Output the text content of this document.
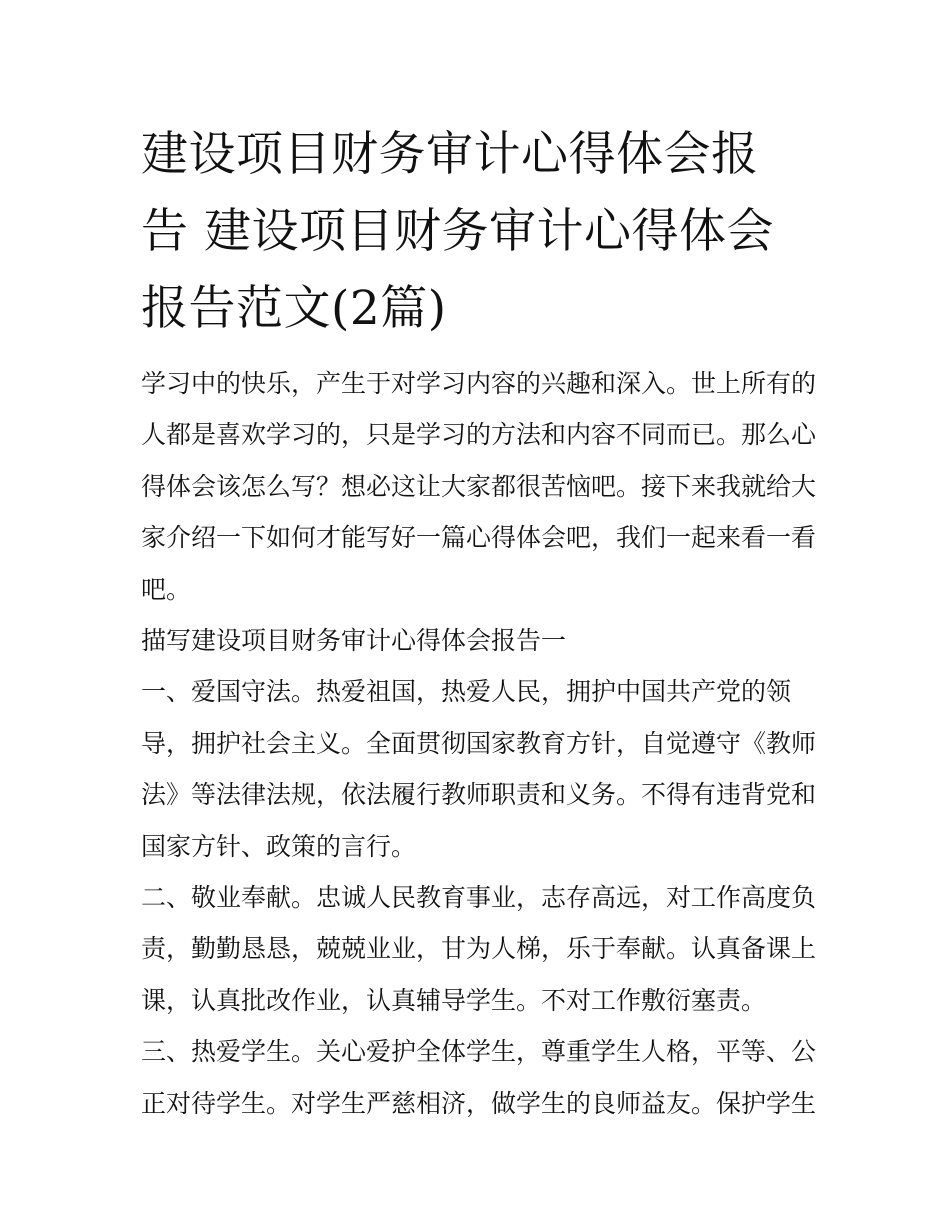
建设项目财务审计心得体会报
告 建设项目财务审计心得体会
报告范文(2篇)
学习中的快乐，产生于对学习内容的兴趣和深入。世上所有的
人都是喜欢学习的，只是学习的方法和内容不同而已。那么心
得体会该怎么写？想必这让大家都很苦恼吧。接下来我就给大
家介绍一下如何才能写好一篇心得体会吧，我们一起来看一看
吧。
描写建设项目财务审计心得体会报告一
一、爱国守法。热爱祖国，热爱人民，拥护中国共产党的领
导，拥护社会主义。全面贯彻国家教育方针，自觉遵守《教师
法》等法律法规，依法履行教师职责和义务。不得有违背党和
国家方针、政策的言行。
二、敬业奉献。忠诚人民教育事业，志存高远，对工作高度负
责，勤勤恳恳，兢兢业业，甘为人梯，乐于奉献。认真备课上
课，认真批改作业，认真辅导学生。不对工作敷衍塞责。
三、热爱学生。关心爱护全体学生，尊重学生人格，平等、公
正对待学生。对学生严慈相济，做学生的良师益友。保护学生
